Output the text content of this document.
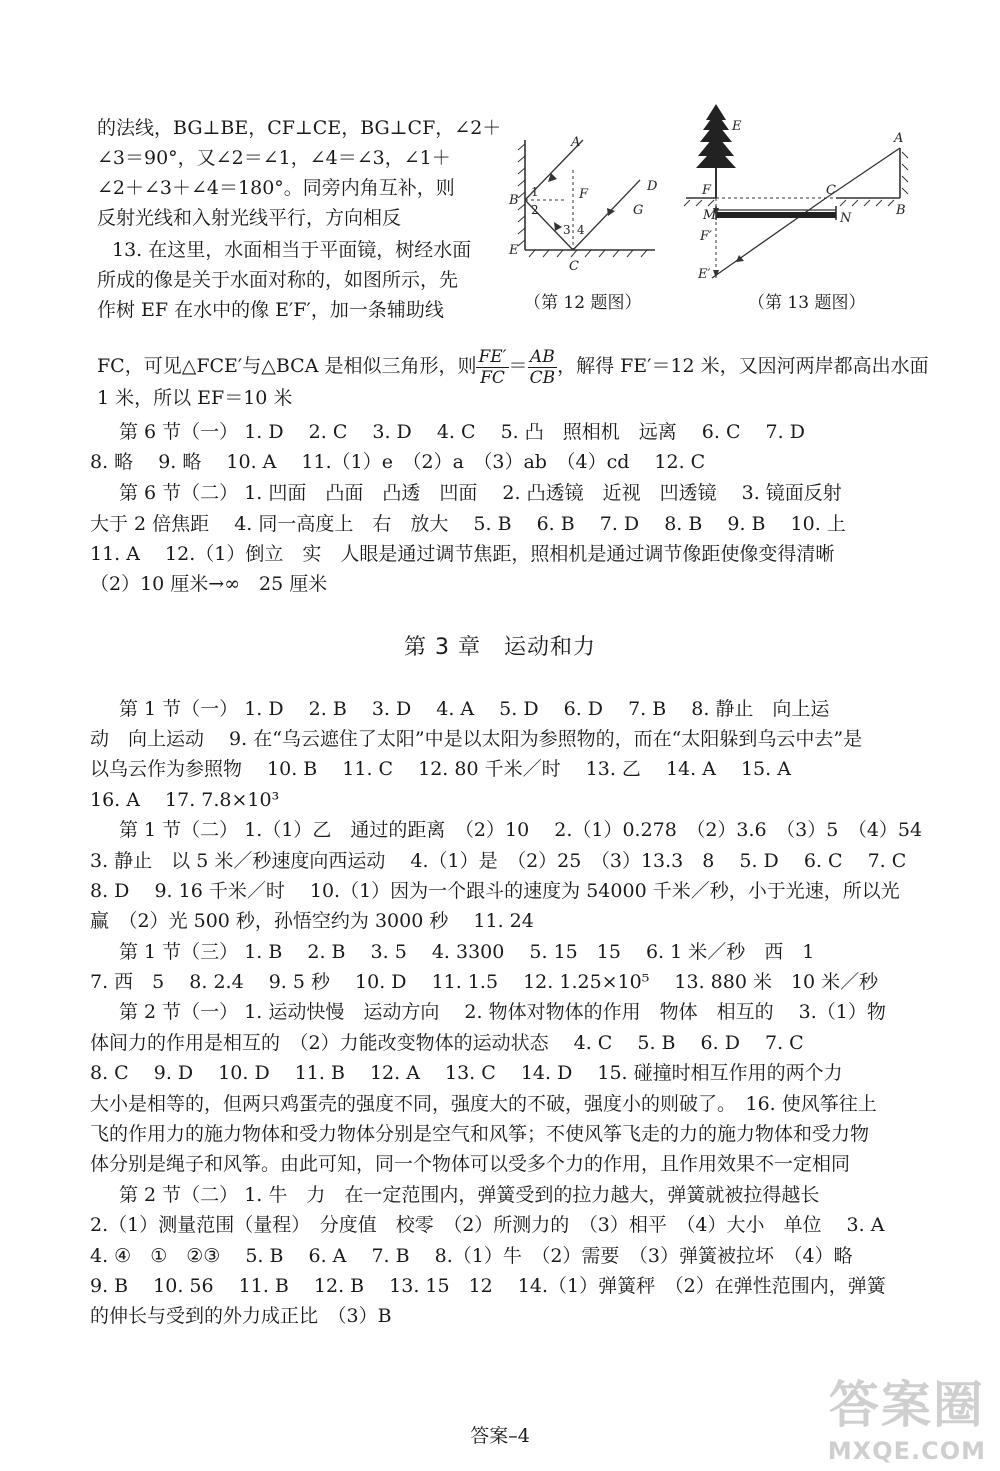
的法线，BG⊥BE，CF⊥CE，BG⊥CF，∠2＋
∠3＝90°，又∠2＝∠1，∠4＝∠3，∠1＋
∠2＋∠3＋∠4＝180°。同旁内角互补，则
反射光线和入射光线平行，方向相反
13. 在这里，水面相当于平面镜，树经水面
所成的像是关于水面对称的，如图所示，先
作树 EF 在水中的像 E′F′，加一条辅助线
FC，可见△FCE′与△BCA 是相似三角形，则 $\frac{FE'}{FC} = \frac{AB}{CB}$ ，解得 FE′＝12 米，又因河两岸都高出水面
1 米，所以 EF＝10 米
A
B
D
F
G
E
C
1
2
3 4
（第 12 题图）
E
A
F	C
B
M	N
F′
E′
（第 13 题图）
第 6 节（一） 1. D　 2. C　 3. D　 4. C　 5. 凸　照相机　远离　 6. C　 7. D
8. 略　 9. 略　 10. A　 11.（1）e　（2）a　（3）ab　（4）cd　 12. C
第 6 节（二） 1. 凹面　凸面　凸透　凹面　 2. 凸透镜　近视　凹透镜　 3. 镜面反射
大于 2 倍焦距　 4. 同一高度上　右　放大　 5. B　 6. B　 7. D　 8. B　 9. B　 10. 上
11. A　 12.（1）倒立　实　人眼是通过调节焦距，照相机是通过调节像距使像变得清晰
（2）10 厘米→∞　25 厘米
第 3 章　运动和力
第 1 节（一） 1. D　 2. B　 3. D　 4. A　 5. D　 6. D　 7. B　 8. 静止　向上运
动　向上运动　 9. 在“乌云遮住了太阳”中是以太阳为参照物的，而在“太阳躲到乌云中去”是
以乌云作为参照物　 10. B　 11. C　 12. 80 千米／时　 13. 乙　 14. A　 15. A
16. A　 17. 7.8×10³
第 1 节（二） 1.（1）乙　通过的距离　（2）10　 2.（1）0.278　（2）3.6　（3）5　（4）54
3. 静止　以 5 米／秒速度向西运动　 4.（1）是　（2）25　（3）13.3　8　 5. D　 6. C　 7. C
8. D　 9. 16 千米／时　 10.（1）因为一个跟斗的速度为 54000 千米／秒，小于光速，所以光
赢　（2）光 500 秒，孙悟空约为 3000 秒　 11. 24
第 1 节（三） 1. B　 2. B　 3. 5　 4. 3300　 5. 15　15　 6. 1 米／秒　西　1
7. 西　5　 8. 2.4　 9. 5 秒　 10. D　 11. 1.5　 12. 1.25×10⁵　 13. 880 米　10 米／秒
第 2 节（一） 1. 运动快慢　运动方向　 2. 物体对物体的作用　物体　相互的　 3.（1）物
体间力的作用是相互的　（2）力能改变物体的运动状态　 4. C　 5. B　 6. D　 7. C
8. C　 9. D　 10. D　 11. B　 12. A　 13. C　 14. D　 15. 碰撞时相互作用的两个力
大小是相等的，但两只鸡蛋壳的强度不同，强度大的不破，强度小的则破了。　16. 使风筝往上
飞的作用力的施力物体和受力物体分别是空气和风筝；不使风筝飞走的力的施力物体和受力物
体分别是绳子和风筝。由此可知，同一个物体可以受多个力的作用，且作用效果不一定相同
第 2 节（二） 1. 牛　力　在一定范围内，弹簧受到的拉力越大，弹簧就被拉得越长
2.（1）测量范围（量程）　分度值　校零　（2）所测力的　（3）相平　（4）大小　单位　 3. A
4. ④　①　②③　 5. B　 6. A　 7. B　 8.（1）牛　（2）需要　（3）弹簧被拉坏　（4）略
9. B　 10. 56　 11. B　 12. B　 13. 15　12　 14.（1）弹簧秤　（2）在弹性范围内，弹簧
的伸长与受到的外力成正比　（3）B
答案–4
答案圈
MXQE.COM
